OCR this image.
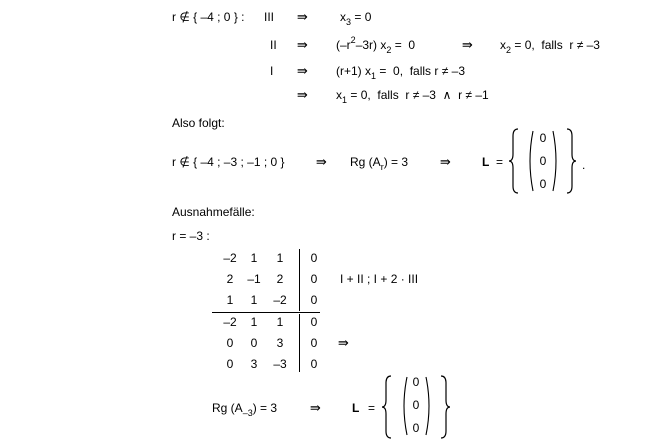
r ∉ { –4 ; 0 } : III ⇛	$x_3 = 0$
II ⇛ $(-r^2-3r) x_2 = 0$	⇛ $x_2 = 0$,  falls  r ≠ –3
I ⇛ (r+1) $x_1 = 0$,  falls r ≠ –3
⇛ $x_1 = 0$,  falls  r ≠ –3  ∧  r ≠ –1
Also folgt:
r ∉ { –4 ; –3 ; –1 ; 0 } ⇛ Rg $(A_r) = 3$ ⇛	L =
0
0
0
.
Ausnahmefälle:
r = –3 :
–2	1	1	0
2	–1	2	0
1	1	–2	0
I + II ; I + 2 · III
–2	1	1	0
0	0	3	0
0	3	–3	0
⇛
Rg $(A_{-3}) = 3$	⇛	L =
0
0
0
